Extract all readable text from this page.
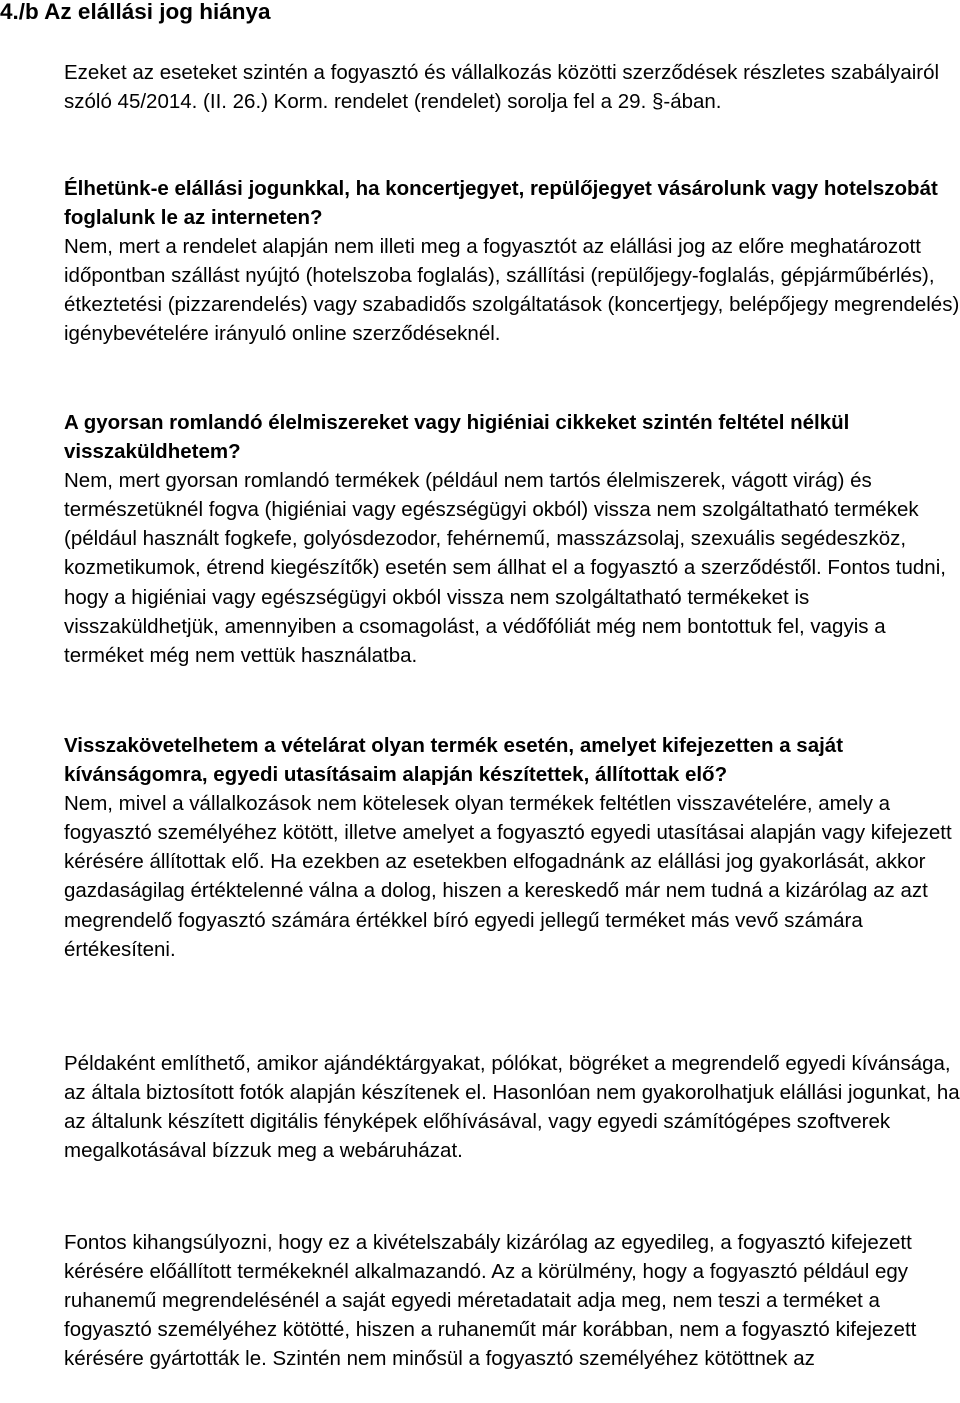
4./b Az elállási jog hiánya

Ezeket az eseteket szintén a fogyasztó és vállalkozás közötti szerződések részletes szabályairól szóló 45/2014. (II. 26.) Korm. rendelet (rendelet) sorolja fel a 29. §-ában.

Élhetünk-e elállási jogunkkal, ha koncertjegyet, repülőjegyet vásárolunk vagy hotelszobát foglalunk le az interneten?

Nem, mert a rendelet alapján nem illeti meg a fogyasztót az elállási jog az előre meghatározott időpontban szállást nyújtó (hotelszoba foglalás), szállítási (repülőjegy-foglalás, gépjárműbérlés), étkeztetési (pizzarendelés) vagy szabadidős szolgáltatások (koncertjegy, belépőjegy megrendelés) igénybevételére irányuló online szerződéseknél.

A gyorsan romlandó élelmiszereket vagy higiéniai cikkeket szintén feltétel nélkül visszaküldhetem?

Nem, mert gyorsan romlandó termékek (például nem tartós élelmiszerek, vágott virág) és természetüknél fogva (higiéniai vagy egészségügyi okból) vissza nem szolgáltatható termékek (például használt fogkefe, golyósdezodor, fehérnemű, masszázsolaj, szexuális segédeszköz, kozmetikumok, étrend kiegészítők) esetén sem állhat el a fogyasztó a szerződéstől. Fontos tudni, hogy a higiéniai vagy egészségügyi okból vissza nem szolgáltatható termékeket is visszaküldhetjük, amennyiben a csomagolást, a védőfóliát még nem bontottuk fel, vagyis a terméket még nem vettük használatba.

Visszakövetelhetem a vételárat olyan termék esetén, amelyet kifejezetten a saját kívánságomra, egyedi utasításaim alapján készítettek, állítottak elő?

Nem, mivel a vállalkozások nem kötelesek olyan termékek feltétlen visszavételére, amely a fogyasztó személyéhez kötött, illetve amelyet a fogyasztó egyedi utasításai alapján vagy kifejezett kérésére állítottak elő. Ha ezekben az esetekben elfogadnánk az elállási jog gyakorlását, akkor gazdaságilag értéktelenné válna a dolog, hiszen a kereskedő már nem tudná a kizárólag az azt megrendelő fogyasztó számára értékkel bíró egyedi jellegű terméket más vevő számára értékesíteni.

Példaként említhető, amikor ajándéktárgyakat, pólókat, bögréket a megrendelő egyedi kívánsága, az általa biztosított fotók alapján készítenek el. Hasonlóan nem gyakorolhatjuk elállási jogunkat, ha az általunk készített digitális fényképek előhívásával, vagy egyedi számítógépes szoftverek megalkotásával bízzuk meg a webáruházat.

Fontos kihangsúlyozni, hogy ez a kivételszabály kizárólag az egyedileg, a fogyasztó kifejezett kérésére előállított termékeknél alkalmazandó. Az a körülmény, hogy a fogyasztó például egy ruhanemű megrendelésénél a saját egyedi méretadatait adja meg, nem teszi a terméket a fogyasztó személyéhez kötötté, hiszen a ruhaneműt már korábban, nem a fogyasztó kifejezett kérésére gyártották le. Szintén nem minősül a fogyasztó személyéhez kötöttnek az
